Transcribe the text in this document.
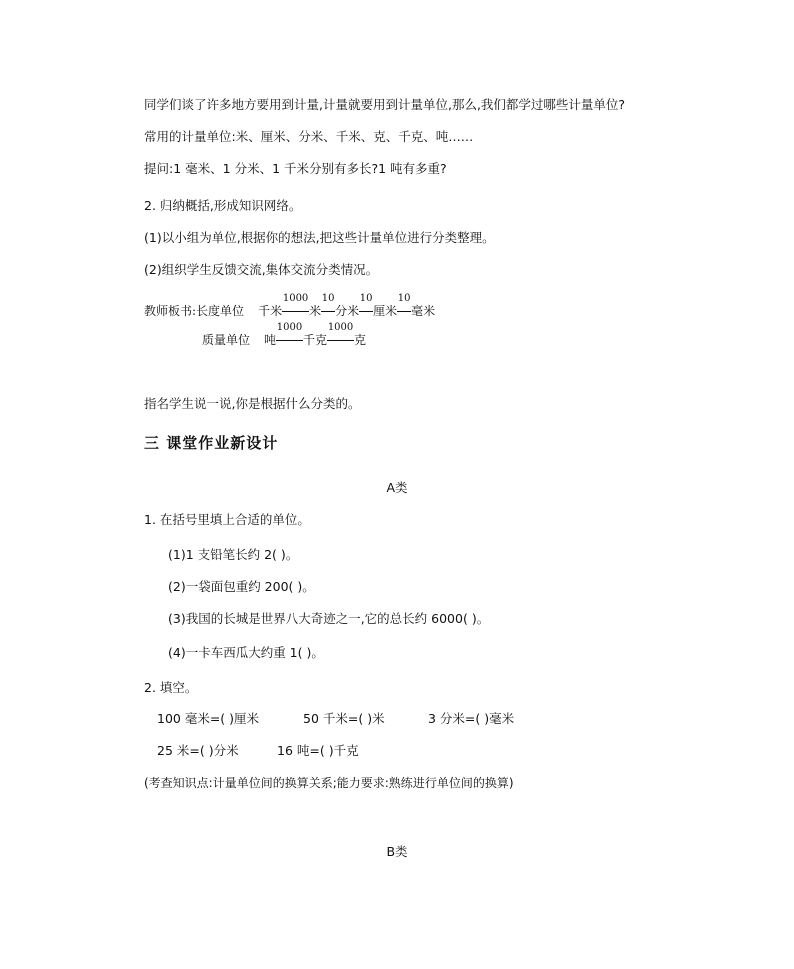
同学们谈了许多地方要用到计量,计量就要用到计量单位,那么,我们都学过哪些计量单位?
常用的计量单位:米、厘米、分米、千米、克、千克、吨……
提问:1 毫米、1 分米、1 千米分别有多长?1 吨有多重?
2. 归纳概括,形成知识网络。
(1)以小组为单位,根据你的想法,把这些计量单位进行分类整理。
(2)组织学生反馈交流,集体交流分类情况。
教师板书:长度单位 千米
1000
米
10
分米
10
厘米
10
毫米
质量单位 吨
1000
千克
1000
克
指名学生说一说,你是根据什么分类的。
三 课堂作业新设计
A类
1. 在括号里填上合适的单位。
(1)1 支铅笔长约 2( )。
(2)一袋面包重约 200( )。
(3)我国的长城是世界八大奇迹之一,它的总长约 6000( )。
(4)一卡车西瓜大约重 1( )。
2. 填空。
100 毫米=( )厘米	50 千米=( )米	3 分米=( )毫米
25 米=( )分米	16 吨=( )千克
(考查知识点:计量单位间的换算关系;能力要求:熟练进行单位间的换算)
B类
